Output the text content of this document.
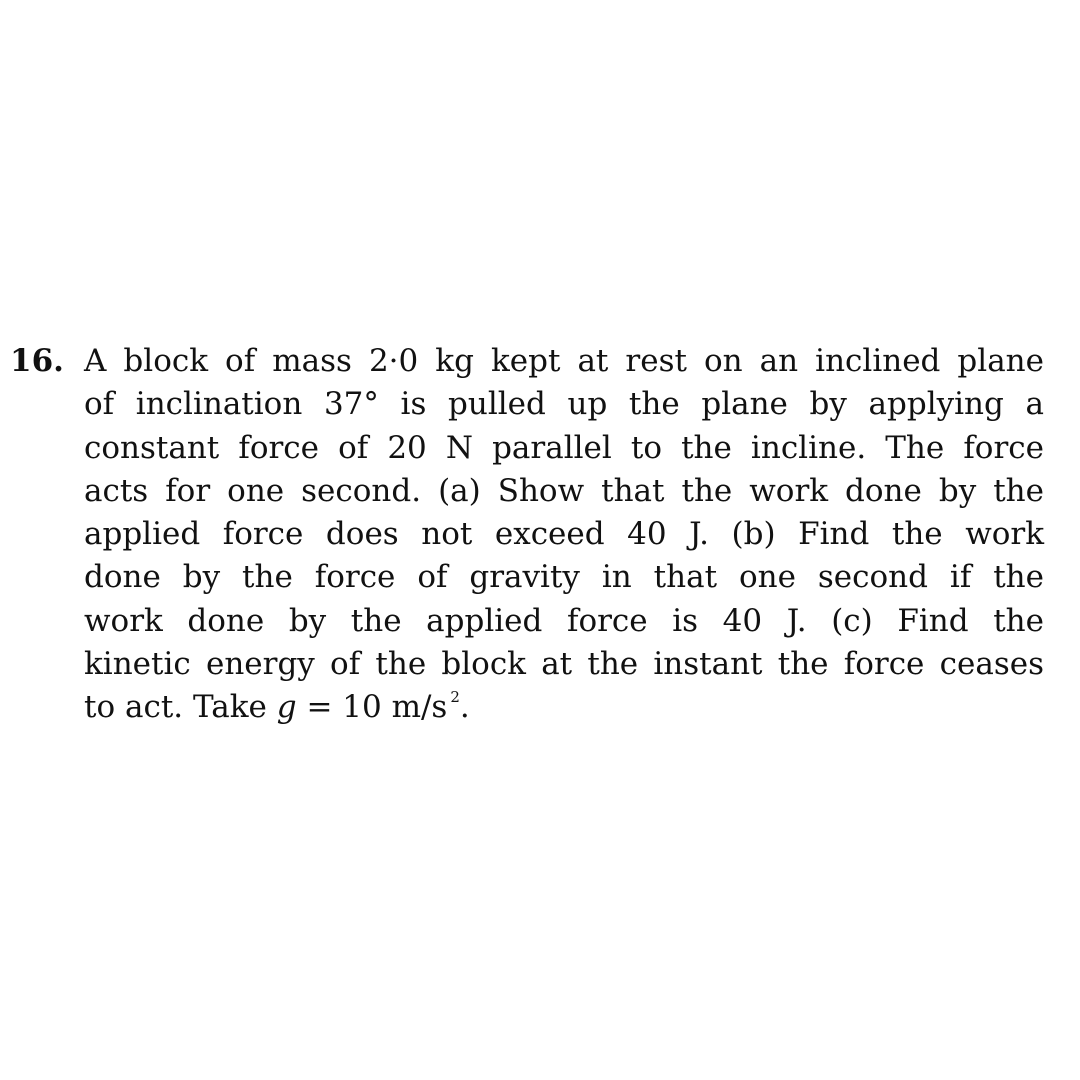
16. A block of mass 2·0 kg kept at rest on an inclined plane
of inclination 37° is pulled up the plane by applying a
constant force of 20 N parallel to the incline. The force
acts for one second. (a) Show that the work done by the
applied force does not exceed 40 J. (b) Find the work
done by the force of gravity in that one second if the
work done by the applied force is 40 J. (c) Find the
kinetic energy of the block at the instant the force ceases
to act. Take g = 10 m/s $^2$.
